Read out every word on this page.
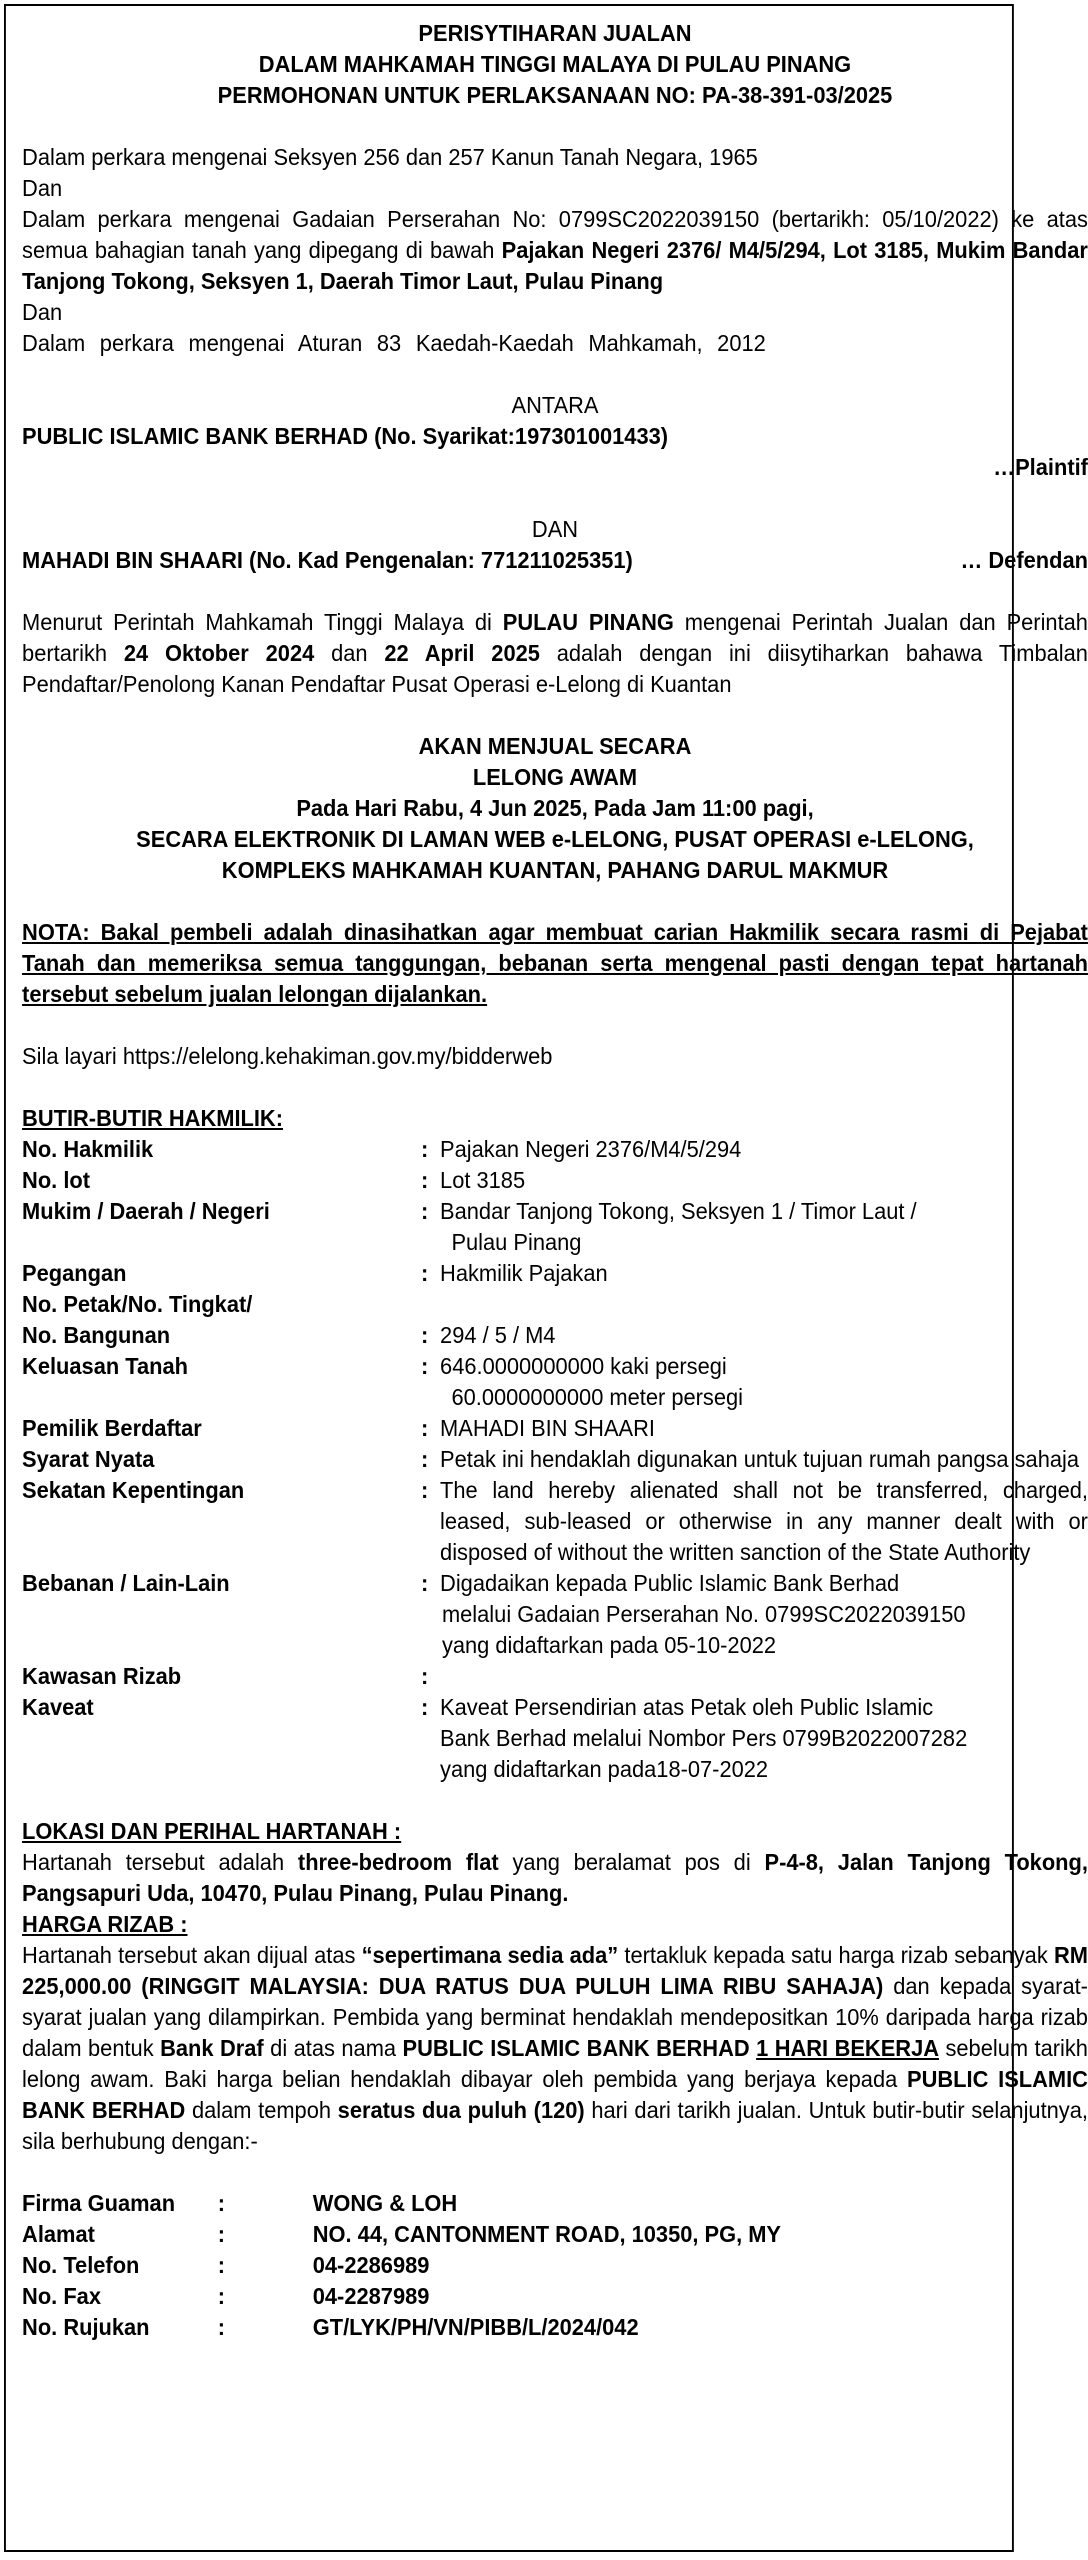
PERISYTIHARAN JUALAN

DALAM MAHKAMAH TINGGI MALAYA DI PULAU PINANG

PERMOHONAN UNTUK PERLAKSANAAN NO: PA-38-391-03/2025

Dalam perkara mengenai Seksyen 256 dan 257 Kanun Tanah Negara, 1965

Dan

Dalam perkara mengenai Gadaian Perserahan No: 0799SC2022039150 (bertarikh: 05/10/2022) ke atas semua bahagian tanah yang dipegang di bawah Pajakan Negeri 2376/ M4/5/294, Lot 3185, Mukim Bandar Tanjong Tokong, Seksyen 1, Daerah Timor Laut, Pulau Pinang

Dan

Dalam perkara mengenai Aturan 83 Kaedah-Kaedah Mahkamah, 2012

ANTARA

PUBLIC ISLAMIC BANK BERHAD (No. Syarikat:197301001433)

…Plaintif

DAN

MAHADI BIN SHAARI (No. Kad Pengenalan: 771211025351)	… Defendan

Menurut Perintah Mahkamah Tinggi Malaya di PULAU PINANG mengenai Perintah Jualan dan Perintah bertarikh 24 Oktober 2024 dan 22 April 2025 adalah dengan ini diisytiharkan bahawa Timbalan Pendaftar/Penolong Kanan Pendaftar Pusat Operasi e-Lelong di Kuantan

AKAN MENJUAL SECARA

LELONG AWAM

Pada Hari Rabu, 4 Jun 2025, Pada Jam 11:00 pagi,

SECARA ELEKTRONIK DI LAMAN WEB e-LELONG, PUSAT OPERASI e-LELONG,

KOMPLEKS MAHKAMAH KUANTAN, PAHANG DARUL MAKMUR

NOTA: Bakal pembeli adalah dinasihatkan agar membuat carian Hakmilik secara rasmi di Pejabat Tanah dan memeriksa semua tanggungan, bebanan serta mengenal pasti dengan tepat hartanah tersebut sebelum jualan lelongan dijalankan.

Sila layari https://elelong.kehakiman.gov.my/bidderweb

BUTIR-BUTIR HAKMILIK:

No. Hakmilik	: Pajakan Negeri 2376/M4/5/294
No. lot	: Lot 3185
Mukim / Daerah / Negeri	: Bandar Tanjong Tokong, Seksyen 1 / Timor Laut /
Pulau Pinang
Pegangan	: Hakmilik Pajakan
No. Petak/No. Tingkat/
No. Bangunan	: 294 / 5 / M4
Keluasan Tanah	: 646.0000000000 kaki persegi
60.0000000000 meter persegi
Pemilik Berdaftar	: MAHADI BIN SHAARI
Syarat Nyata	: Petak ini hendaklah digunakan untuk tujuan rumah pangsa sahaja
Sekatan Kepentingan	: The land hereby alienated shall not be transferred, charged, leased, sub-leased or otherwise in any manner dealt with or disposed of without the written sanction of the State Authority
Bebanan / Lain-Lain	: Digadaikan kepada Public Islamic Bank Berhad
melalui Gadaian Perserahan No. 0799SC2022039150
yang didaftarkan pada 05-10-2022
Kawasan Rizab	:
Kaveat	: Kaveat Persendirian atas Petak oleh Public Islamic
Bank Berhad melalui Nombor Pers 0799B2022007282
yang didaftarkan pada18-07-2022

LOKASI DAN PERIHAL HARTANAH :

Hartanah tersebut adalah three-bedroom flat yang beralamat pos di P-4-8, Jalan Tanjong Tokong, Pangsapuri Uda, 10470, Pulau Pinang, Pulau Pinang.

HARGA RIZAB :

Hartanah tersebut akan dijual atas “sepertimana sedia ada” tertakluk kepada satu harga rizab sebanyak RM 225,000.00 (RINGGIT MALAYSIA: DUA RATUS DUA PULUH LIMA RIBU SAHAJA) dan kepada syarat-syarat jualan yang dilampirkan. Pembida yang berminat hendaklah mendepositkan 10% daripada harga rizab dalam bentuk Bank Draf di atas nama PUBLIC ISLAMIC BANK BERHAD 1 HARI BEKERJA sebelum tarikh lelong awam. Baki harga belian hendaklah dibayar oleh pembida yang berjaya kepada PUBLIC ISLAMIC BANK BERHAD dalam tempoh seratus dua puluh (120) hari dari tarikh jualan. Untuk butir-butir selanjutnya, sila berhubung dengan:-

Firma Guaman	:	WONG & LOH
Alamat	:	NO. 44, CANTONMENT ROAD, 10350, PG, MY
No. Telefon	:	04-2286989
No. Fax	:	04-2287989
No. Rujukan	:	GT/LYK/PH/VN/PIBB/L/2024/042
